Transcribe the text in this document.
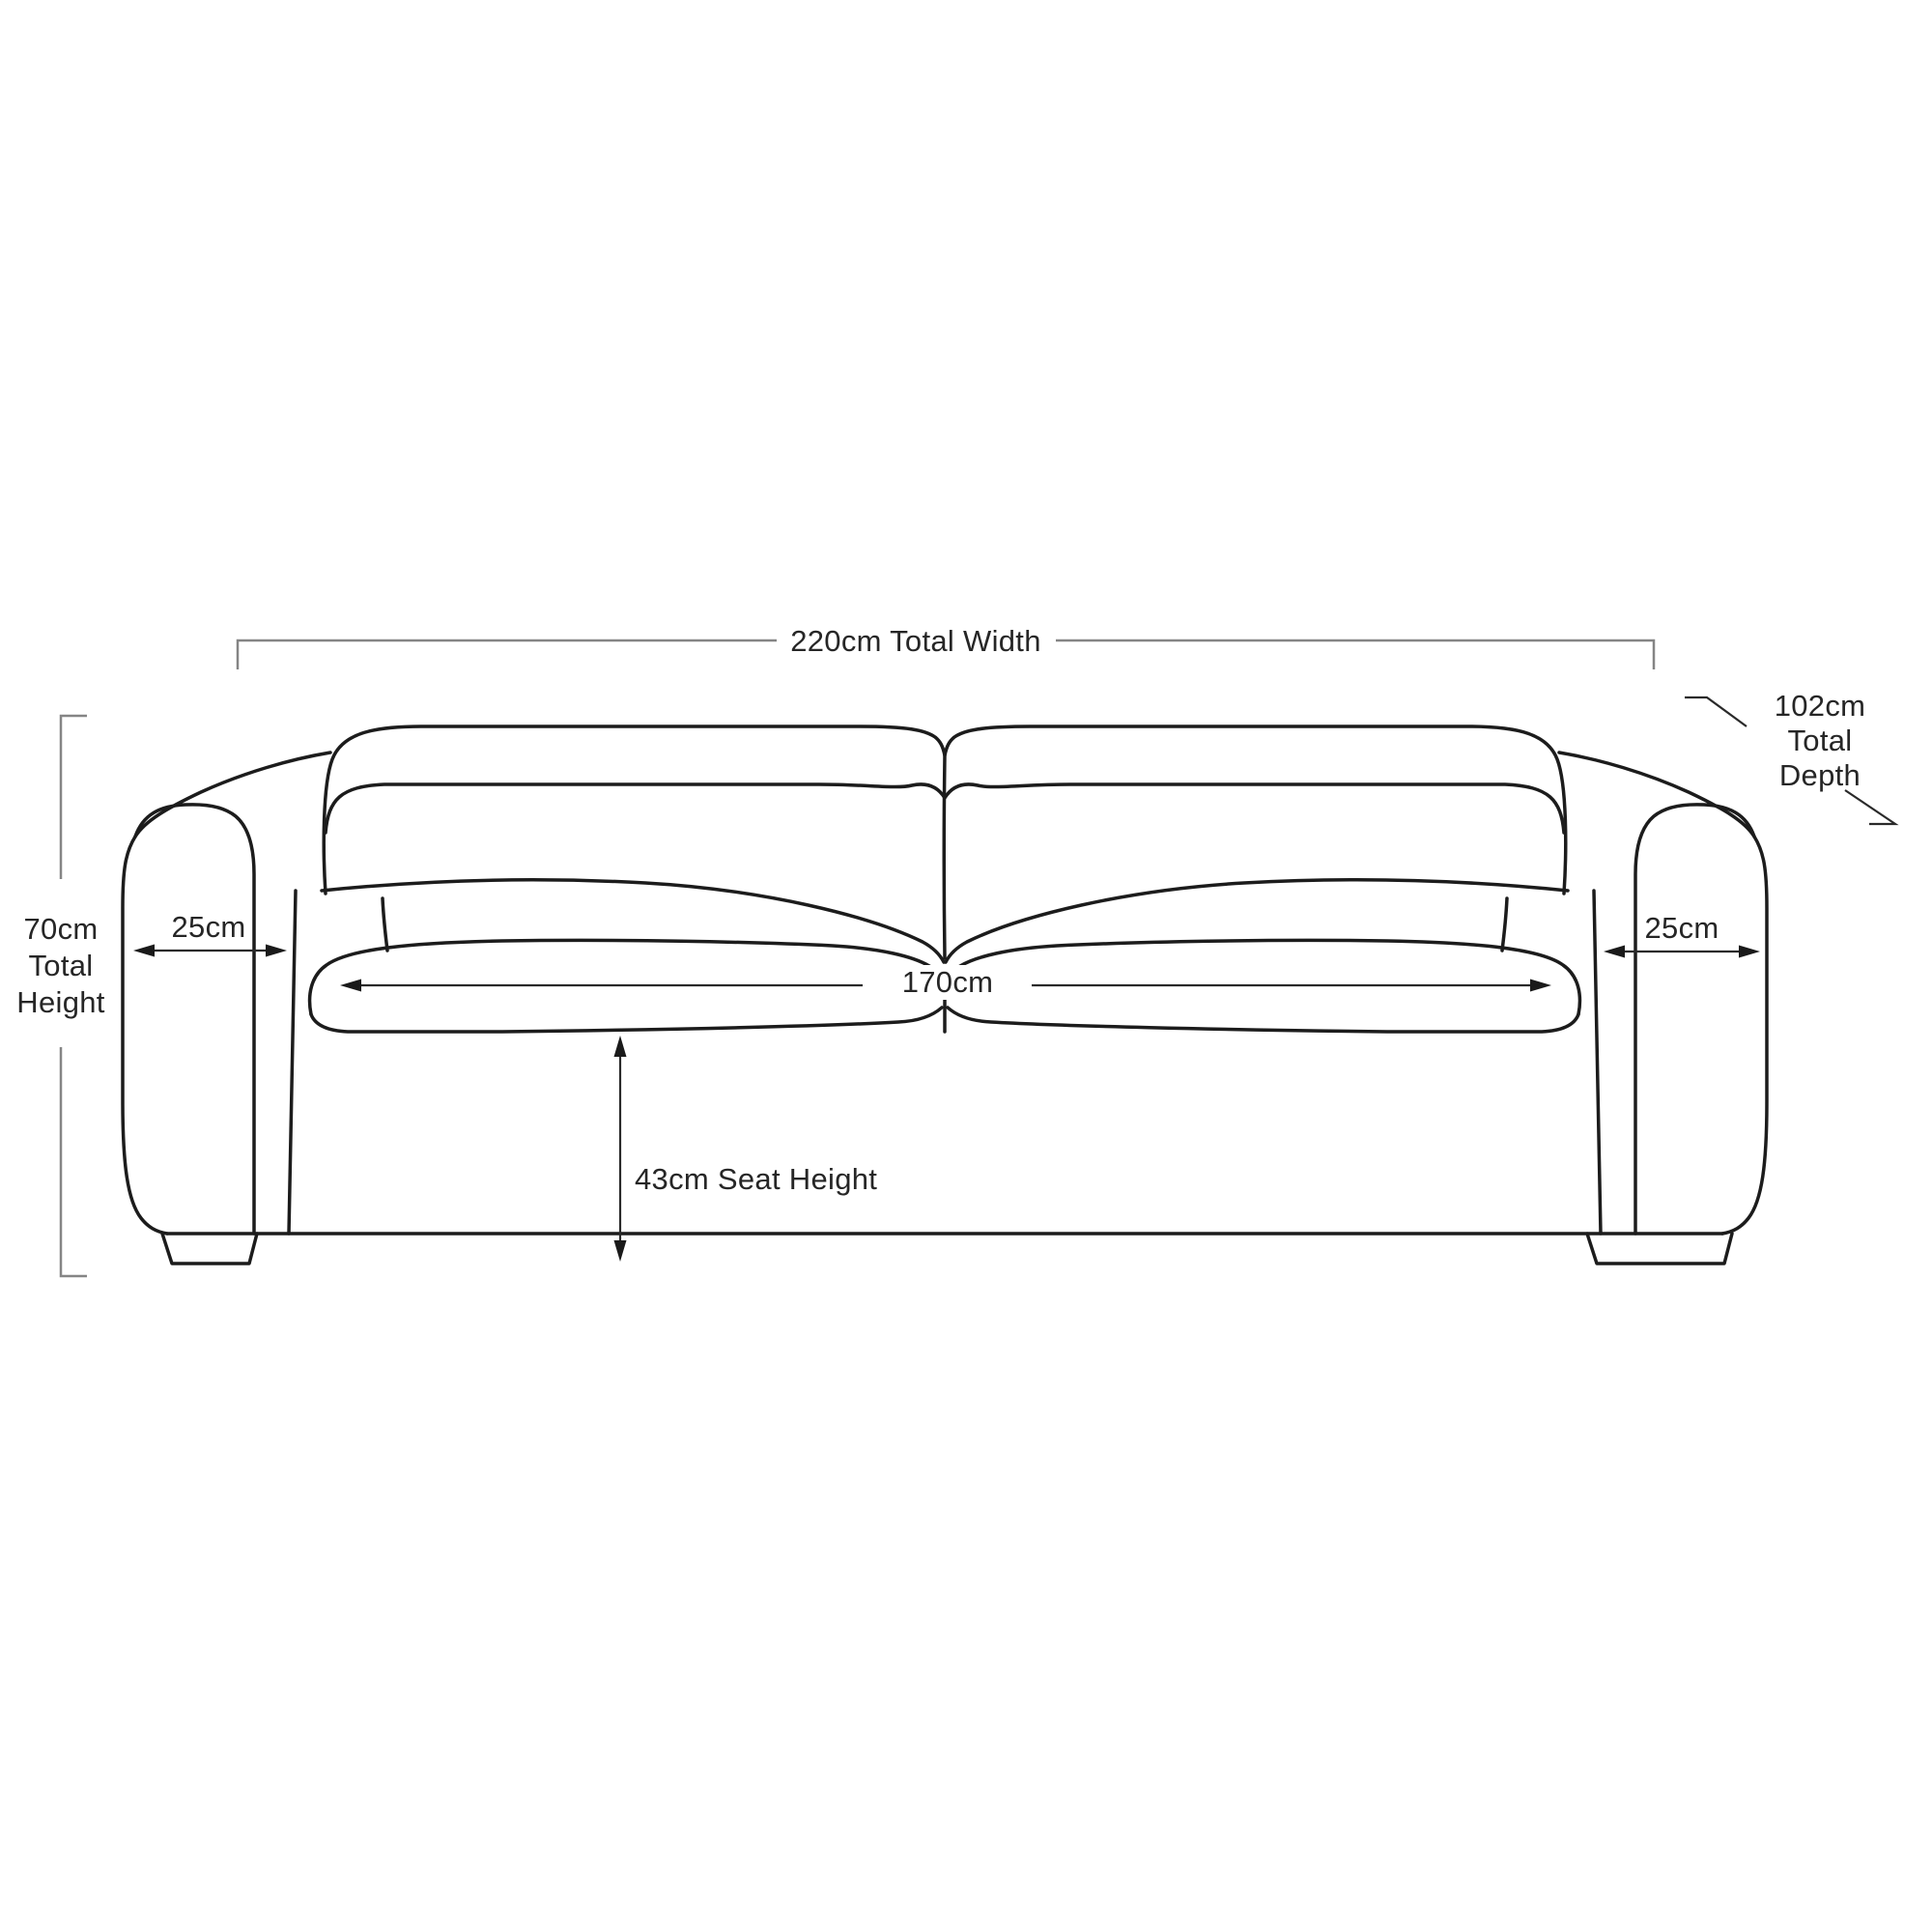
220cm Total Width
102cm
Total Depth
70cm
Total
Height
25cm	25cm
170cm
43cm Seat Height
